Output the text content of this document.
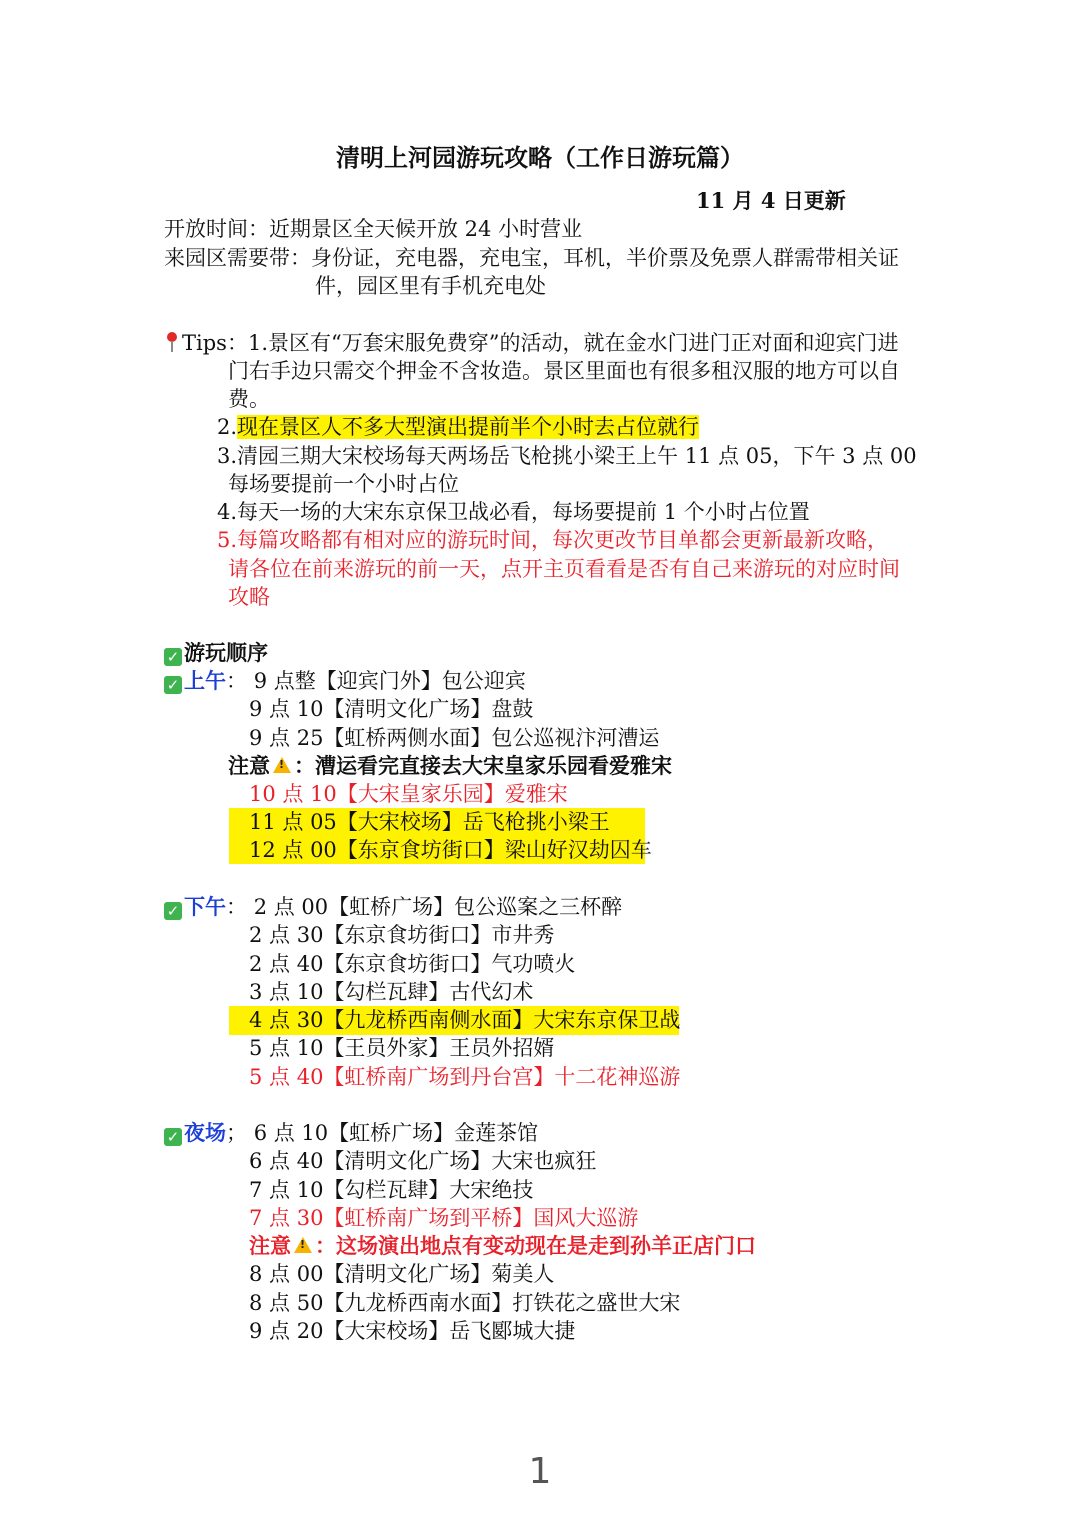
清明上河园游玩攻略（工作日游玩篇）
11 月 4 日更新
开放时间：近期景区全天候开放 24 小时营业
来园区需要带：身份证，充电器，充电宝，耳机，半价票及免票人群需带相关证
件，园区里有手机充电处
Tips：1.景区有“万套宋服免费穿”的活动，就在金水门进门正对面和迎宾门进
门右手边只需交个押金不含妆造。景区里面也有很多租汉服的地方可以自
费。
2.现在景区人不多大型演出提前半个小时去占位就行
3.清园三期大宋校场每天两场岳飞枪挑小梁王上午 11 点 05，下午 3 点 00
每场要提前一个小时占位
4.每天一场的大宋东京保卫战必看，每场要提前 1 个小时占位置
5.每篇攻略都有相对应的游玩时间，每次更改节目单都会更新最新攻略，
请各位在前来游玩的前一天，点开主页看看是否有自己来游玩的对应时间
攻略
✓ 游玩顺序
✓ 上午： 9 点整【迎宾门外】包公迎宾
9 点 10【清明文化广场】盘鼓
9 点 25【虹桥两侧水面】包公巡视汴河漕运
注意 ! ：漕运看完直接去大宋皇家乐园看爱雅宋
10 点 10【大宋皇家乐园】爱雅宋
11 点 05【大宋校场】岳飞枪挑小梁王
12 点 00【东京食坊街口】梁山好汉劫囚车
✓ 下午： 2 点 00【虹桥广场】包公巡案之三杯醉
2 点 30【东京食坊街口】市井秀
2 点 40【东京食坊街口】气功喷火
3 点 10【勾栏瓦肆】古代幻术
4 点 30【九龙桥西南侧水面】大宋东京保卫战
5 点 10【王员外家】王员外招婿
5 点 40【虹桥南广场到丹台宫】十二花神巡游
✓ 夜场； 6 点 10【虹桥广场】金莲茶馆
6 点 40【清明文化广场】大宋也疯狂
7 点 10【勾栏瓦肆】大宋绝技
7 点 30【虹桥南广场到平桥】国风大巡游
注意 ! ：这场演出地点有变动现在是走到孙羊正店门口
8 点 00【清明文化广场】菊美人
8 点 50【九龙桥西南水面】打铁花之盛世大宋
9 点 20【大宋校场】岳飞郾城大捷
1
